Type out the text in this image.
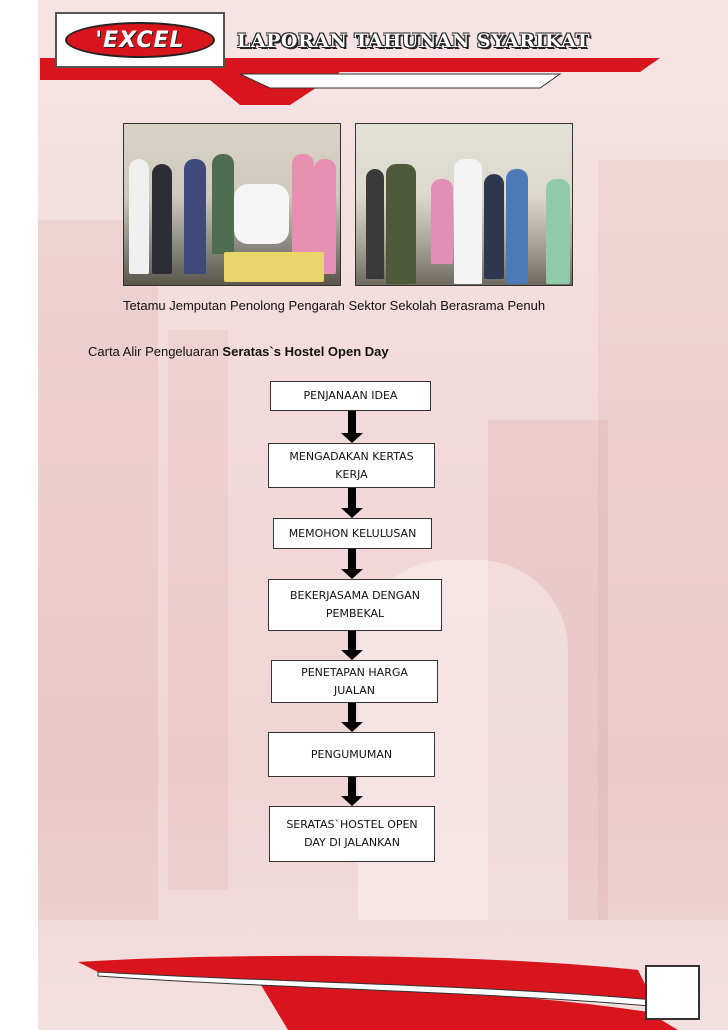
'EXCEL	LAPORAN TAHUNAN SYARIKAT
Tetamu Jemputan Penolong Pengarah Sektor Sekolah Berasrama Penuh
Carta Alir Pengeluaran Seratas`s Hostel Open Day
PENJANAAN IDEA
MENGADAKAN KERTAS KERJA
MEMOHON KELULUSAN
BEKERJASAMA DENGAN PEMBEKAL
PENETAPAN HARGA JUALAN
PENGUMUMAN
SERATAS`HOSTEL OPEN DAY DI JALANKAN
